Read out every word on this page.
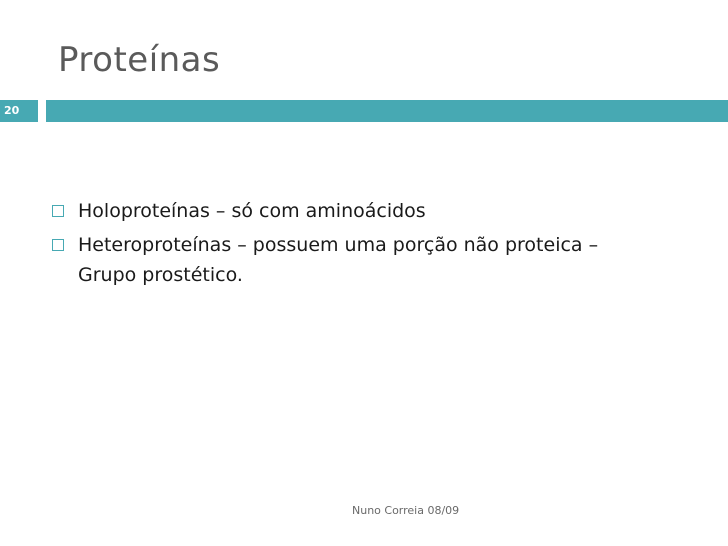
Proteínas
20
Holoproteínas – só com aminoácidos
Heteroproteínas – possuem uma porção não proteica – Grupo prostético.
Nuno Correia 08/09
